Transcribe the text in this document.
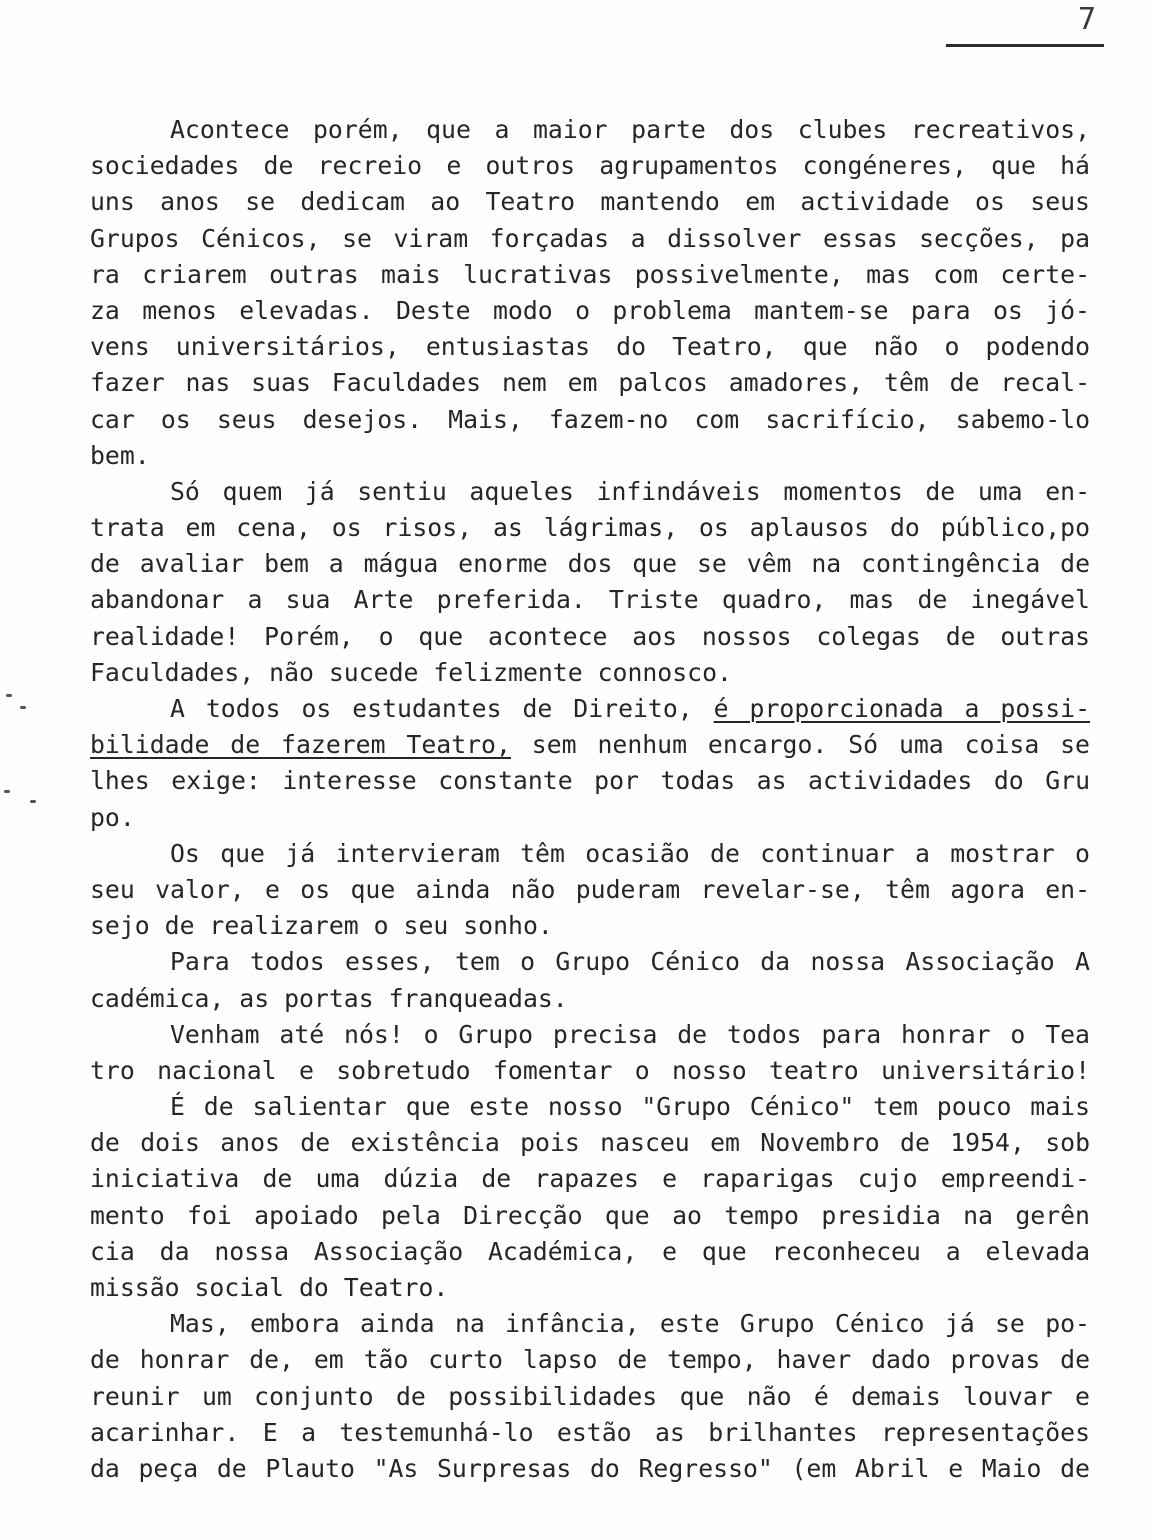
7
Acontece porém, que a maior parte dos clubes recreativos,
sociedades de recreio e outros agrupamentos congéneres, que há
uns anos se dedicam ao Teatro mantendo em actividade os seus
Grupos Cénicos, se viram forçadas a dissolver essas secções, pa
ra criarem outras mais lucrativas possivelmente, mas com certe-
za menos elevadas. Deste modo o problema mantem-se para os jó-
vens universitários, entusiastas do Teatro, que não o podendo
fazer nas suas Faculdades nem em palcos amadores, têm de recal-
car os seus desejos. Mais, fazem-no com sacrifício, sabemo-lo
bem.
Só quem já sentiu aqueles infindáveis momentos de uma en-
trata em cena, os risos, as lágrimas, os aplausos do público,po
de avaliar bem a mágua enorme dos que se vêm na contingência de
abandonar a sua Arte preferida. Triste quadro, mas de inegável
realidade! Porém, o que acontece aos nossos colegas de outras
Faculdades, não sucede felizmente connosco.
A todos os estudantes de Direito, é proporcionada a possi-
bilidade de fazerem Teatro, sem nenhum encargo. Só uma coisa se
lhes exige: interesse constante por todas as actividades do Gru
po.
Os que já intervieram têm ocasião de continuar a mostrar o
seu valor, e os que ainda não puderam revelar-se, têm agora en-
sejo de realizarem o seu sonho.
Para todos esses, tem o Grupo Cénico da nossa Associação A
cadémica, as portas franqueadas.
Venham até nós! o Grupo precisa de todos para honrar o Tea
tro nacional e sobretudo fomentar o nosso teatro universitário!
É de salientar que este nosso "Grupo Cénico" tem pouco mais
de dois anos de existência pois nasceu em Novembro de 1954, sob
iniciativa de uma dúzia de rapazes e raparigas cujo empreendi-
mento foi apoiado pela Direcção que ao tempo presidia na gerên
cia da nossa Associação Académica, e que reconheceu a elevada
missão social do Teatro.
Mas, embora ainda na infância, este Grupo Cénico já se po-
de honrar de, em tão curto lapso de tempo, haver dado provas de
reunir um conjunto de possibilidades que não é demais louvar e
acarinhar. E a testemunhá-lo estão as brilhantes representações
da peça de Plauto "As Surpresas do Regresso" (em Abril e Maio de
